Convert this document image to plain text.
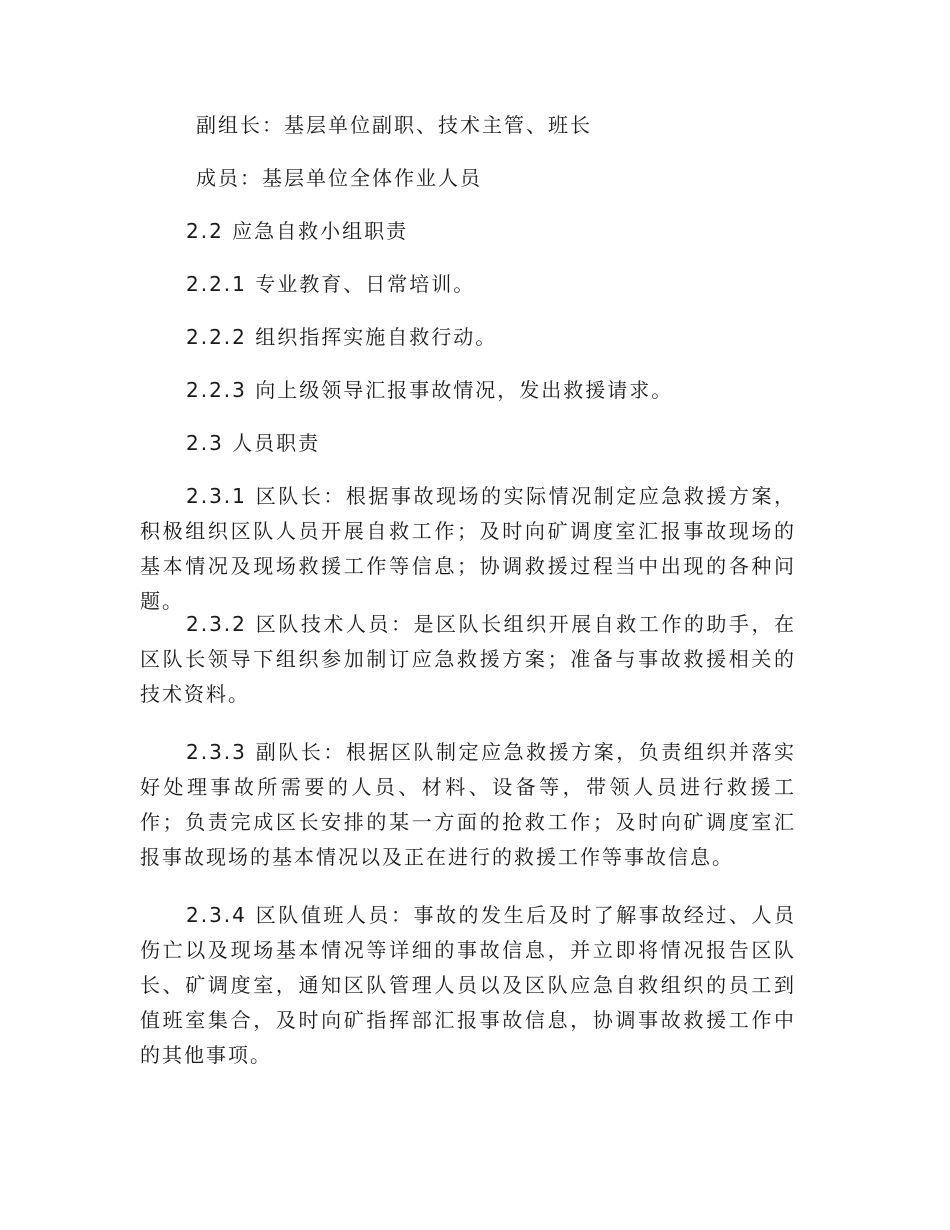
副组长：基层单位副职、技术主管、班长

成员：基层单位全体作业人员

2.2 应急自救小组职责

2.2.1 专业教育、日常培训。

2.2.2 组织指挥实施自救行动。

2.2.3 向上级领导汇报事故情况，发出救援请求。

2.3 人员职责

2.3.1 区队长：根据事故现场的实际情况制定应急救援方案，积极组织区队人员开展自救工作；及时向矿调度室汇报事故现场的基本情况及现场救援工作等信息；协调救援过程当中出现的各种问题。

2.3.2 区队技术人员：是区队长组织开展自救工作的助手，在区队长领导下组织参加制订应急救援方案；准备与事故救援相关的技术资料。

2.3.3 副队长：根据区队制定应急救援方案，负责组织并落实好处理事故所需要的人员、材料、设备等，带领人员进行救援工作；负责完成区长安排的某一方面的抢救工作；及时向矿调度室汇报事故现场的基本情况以及正在进行的救援工作等事故信息。

2.3.4 区队值班人员：事故的发生后及时了解事故经过、人员伤亡以及现场基本情况等详细的事故信息，并立即将情况报告区队长、矿调度室，通知区队管理人员以及区队应急自救组织的员工到值班室集合，及时向矿指挥部汇报事故信息，协调事故救援工作中的其他事项。
